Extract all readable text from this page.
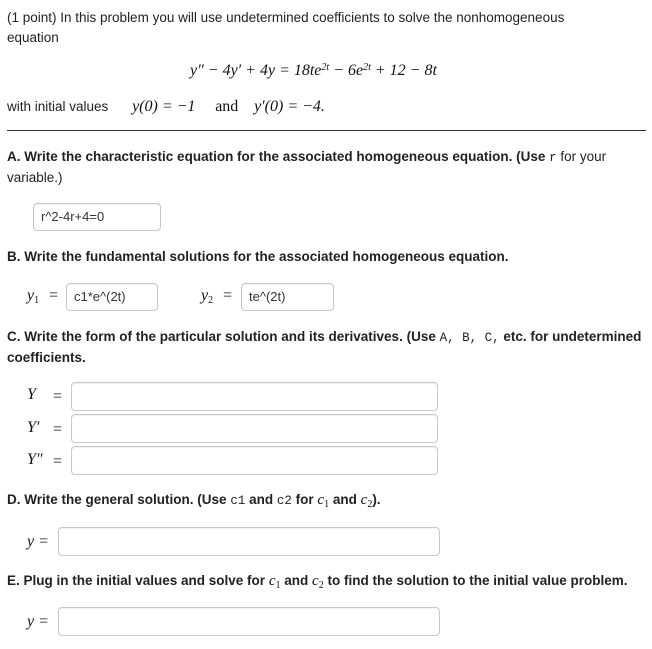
(1 point) In this problem you will use undetermined coefficients to solve the nonhomogeneous
equation
$y'' - 4y' + 4y = 18te^{2t} - 6e^{2t} + 12 - 8t$
with initial values y(0) = −1 and y′(0) = −4.
A. Write the characteristic equation for the associated homogeneous equation. (Use r for your
variable.)
r^2-4r+4=0
B. Write the fundamental solutions for the associated homogeneous equation.
$y_1$ =	c1*e^(2t)	$y_2$ =	te^(2t)
C. Write the form of the particular solution and its derivatives. (Use A, B, C, etc. for undetermined
coefficients.
Y =
Y′ =
Y″ =
D. Write the general solution. (Use c1 and c2 for $c_1$ and $c_2$).
y =
E. Plug in the initial values and solve for $c_1$ and $c_2$ to find the solution to the initial value problem.
y =
